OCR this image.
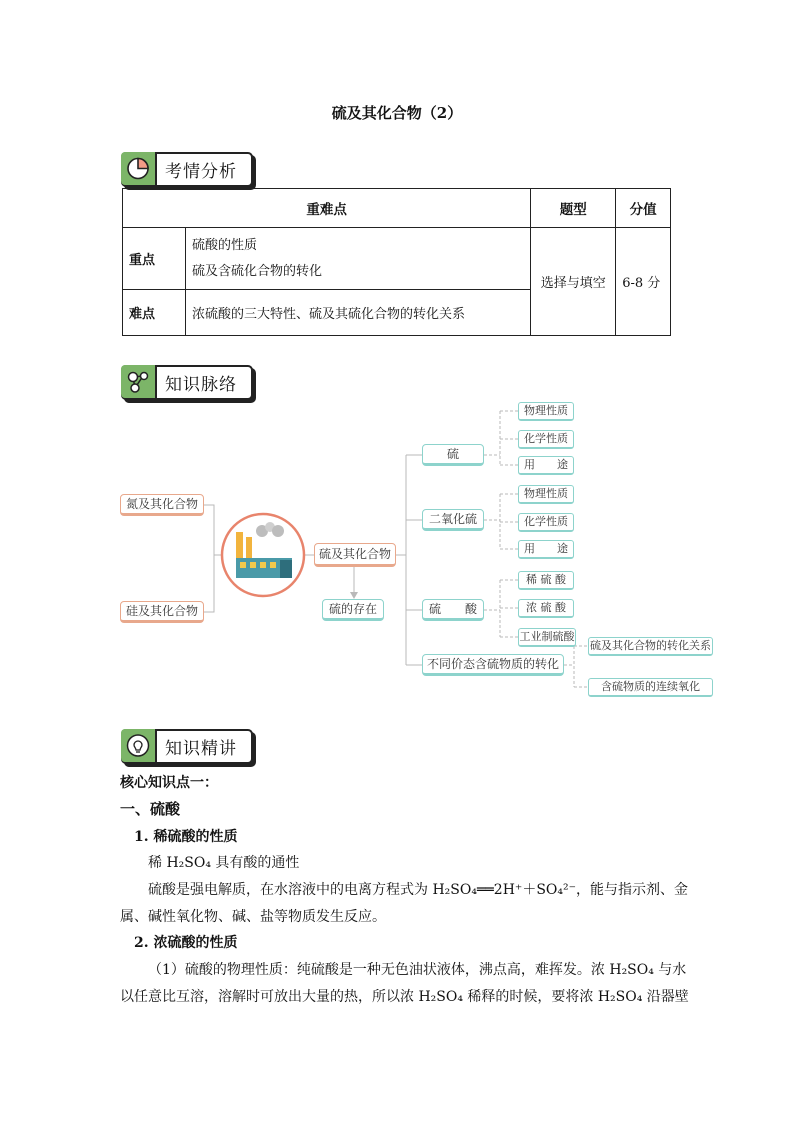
硫及其化合物（2）
考情分析
重难点		题型	分值
重点	硫酸的性质
硫及含硫化合物的转化	选择与填空	6-8 分
难点	浓硫酸的三大特性、硫及其硫化合物的转化关系		
知识脉络
氮及其化合物
硅及其化合物
硫及其化合物
硫的存在
硫
二氧化硫
硫　　酸
不同价态含硫物质的转化
物理性质
化学性质
用　　途
物理性质
化学性质
用　　途
稀 硫 酸
浓 硫 酸
工业制硫酸
硫及其化合物的转化关系
含硫物质的连续氧化
知识精讲
核心知识点一：
一、硫酸
1. 稀硫酸的性质
稀 H₂SO₄ 具有酸的通性
硫酸是强电解质，在水溶液中的电离方程式为 H₂SO₄══2H⁺＋SO₄²⁻，能与指示剂、金
属、碱性氧化物、碱、盐等物质发生反应。
2. 浓硫酸的性质
（1）硫酸的物理性质：纯硫酸是一种无色油状液体，沸点高，难挥发。浓 H₂SO₄ 与水
以任意比互溶，溶解时可放出大量的热，所以浓 H₂SO₄ 稀释的时候，要将浓 H₂SO₄ 沿器壁
